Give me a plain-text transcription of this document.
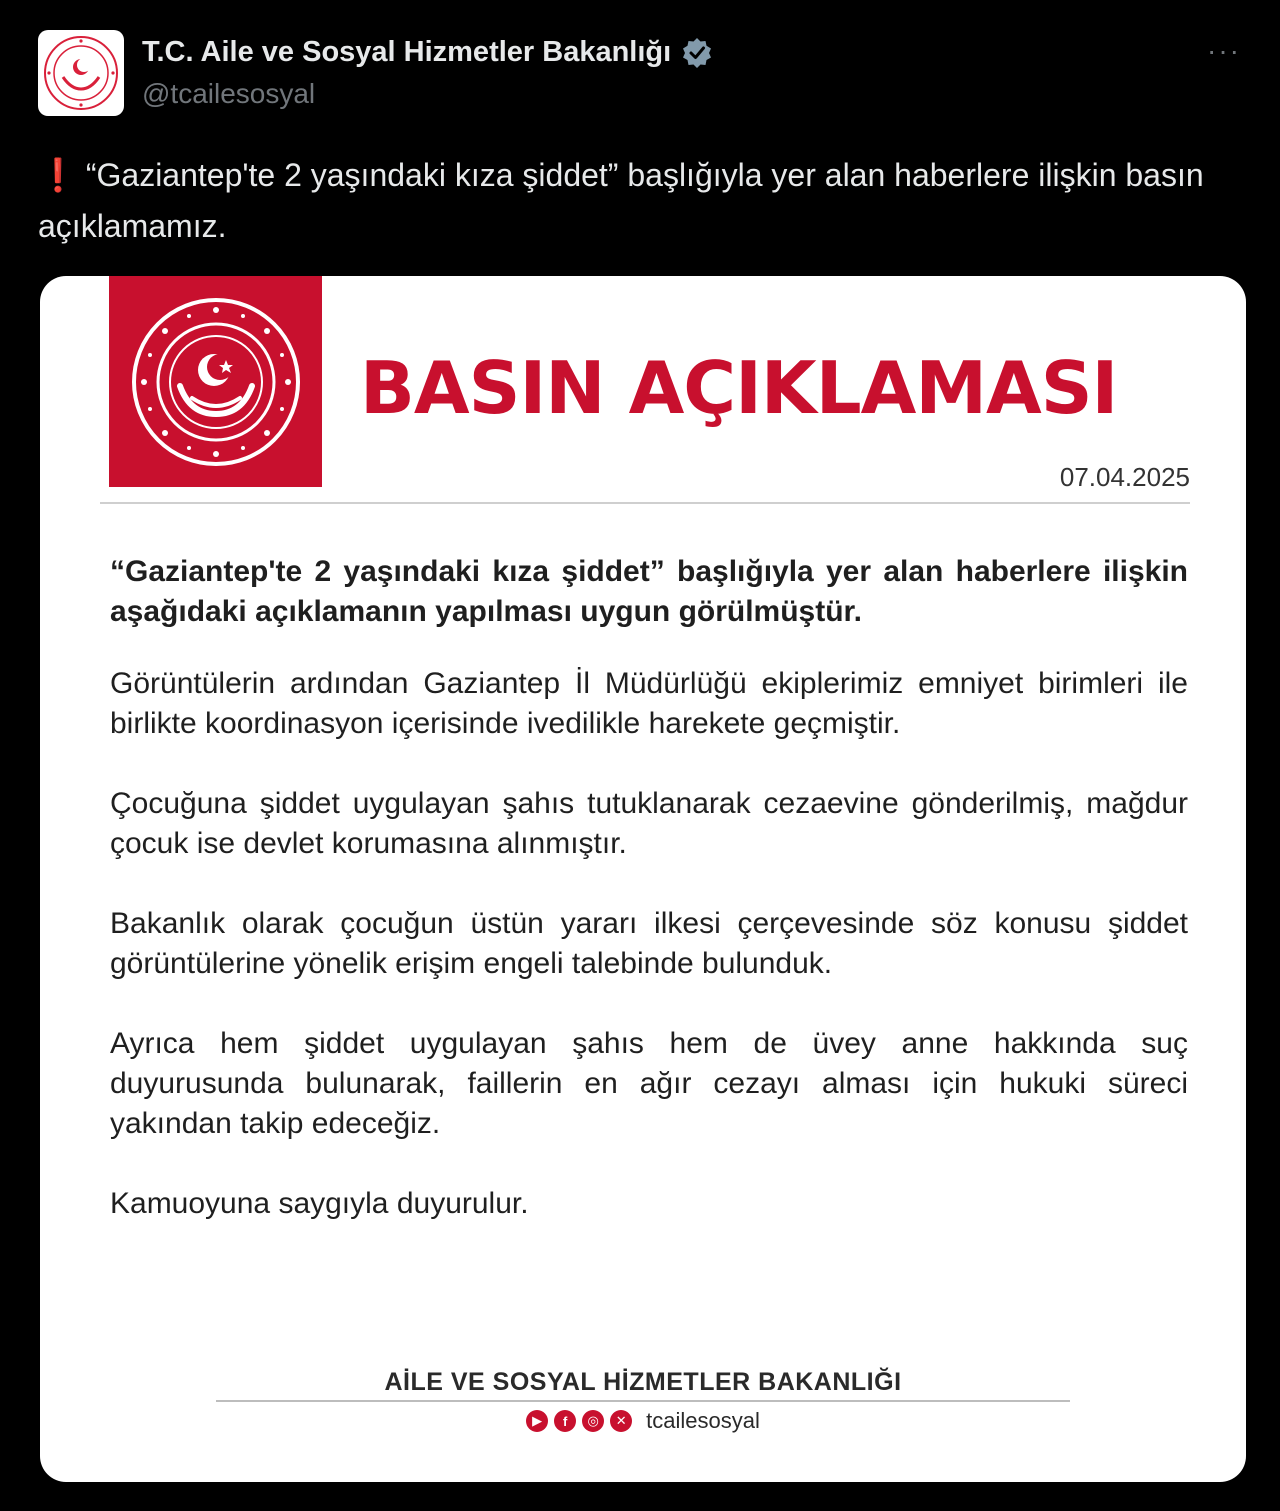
T.C. Aile ve Sosyal Hizmetler Bakanlığı
@tcailesosyal
···
❗ “Gaziantep'te 2 yaşındaki kıza şiddet” başlığıyla yer alan haberlere ilişkin basın açıklamamız.
BASIN AÇIKLAMASI
07.04.2025

“Gaziantep'te 2 yaşındaki kıza şiddet” başlığıyla yer alan haberlere ilişkin aşağıdaki açıklamanın yapılması uygun görülmüştür.

Görüntülerin ardından Gaziantep İl Müdürlüğü ekiplerimiz emniyet birimleri ile birlikte koordinasyon içerisinde ivedilikle harekete geçmiştir.

Çocuğuna şiddet uygulayan şahıs tutuklanarak cezaevine gönderilmiş, mağdur çocuk ise devlet korumasına alınmıştır.

Bakanlık olarak çocuğun üstün yararı ilkesi çerçevesinde söz konusu şiddet görüntülerine yönelik erişim engeli talebinde bulunduk.

Ayrıca hem şiddet uygulayan şahıs hem de üvey anne hakkında suç duyurusunda bulunarak, faillerin en ağır cezayı alması için hukuki süreci yakından takip edeceğiz.

Kamuoyuna saygıyla duyurulur.

AİLE VE SOSYAL HİZMETLER BAKANLIĞI
▶	f	◎	✕ tcailesosyal
